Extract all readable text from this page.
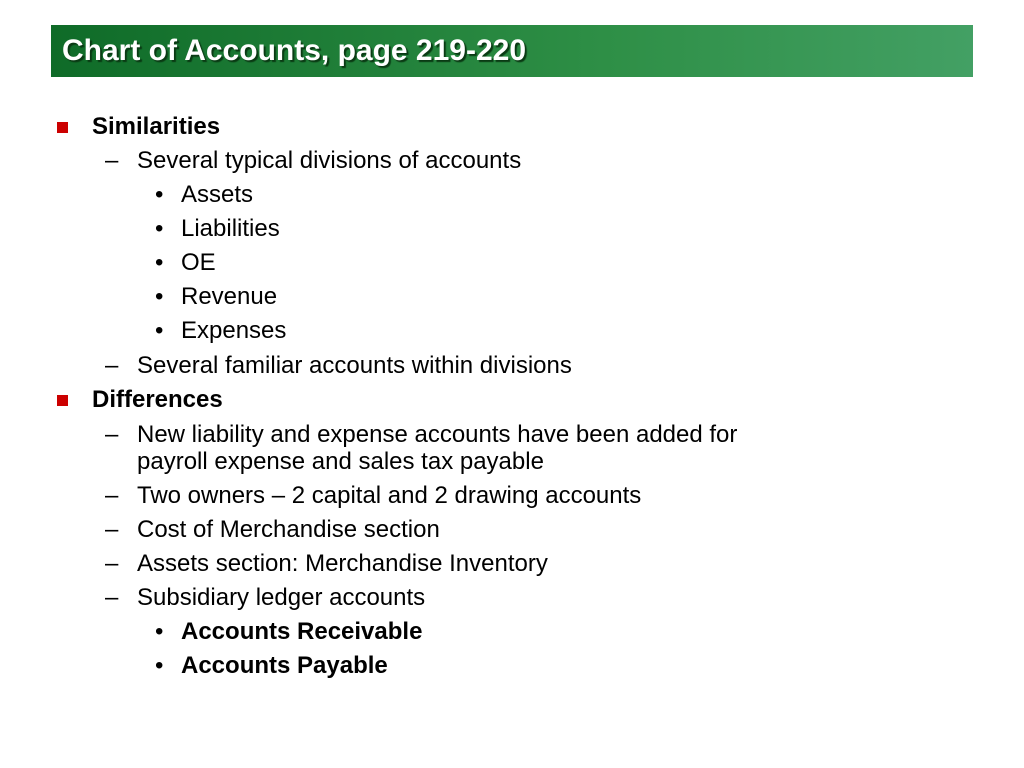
Chart of Accounts, page 219-220
Similarities
– Several typical divisions of accounts
• Assets
• Liabilities
• OE
• Revenue
• Expenses
– Several familiar accounts within divisions
Differences
– New liability and expense accounts have been added for
payroll expense and sales tax payable
– Two owners – 2 capital and 2 drawing accounts
– Cost of Merchandise section
– Assets section: Merchandise Inventory
– Subsidiary ledger accounts
• Accounts Receivable
• Accounts Payable
